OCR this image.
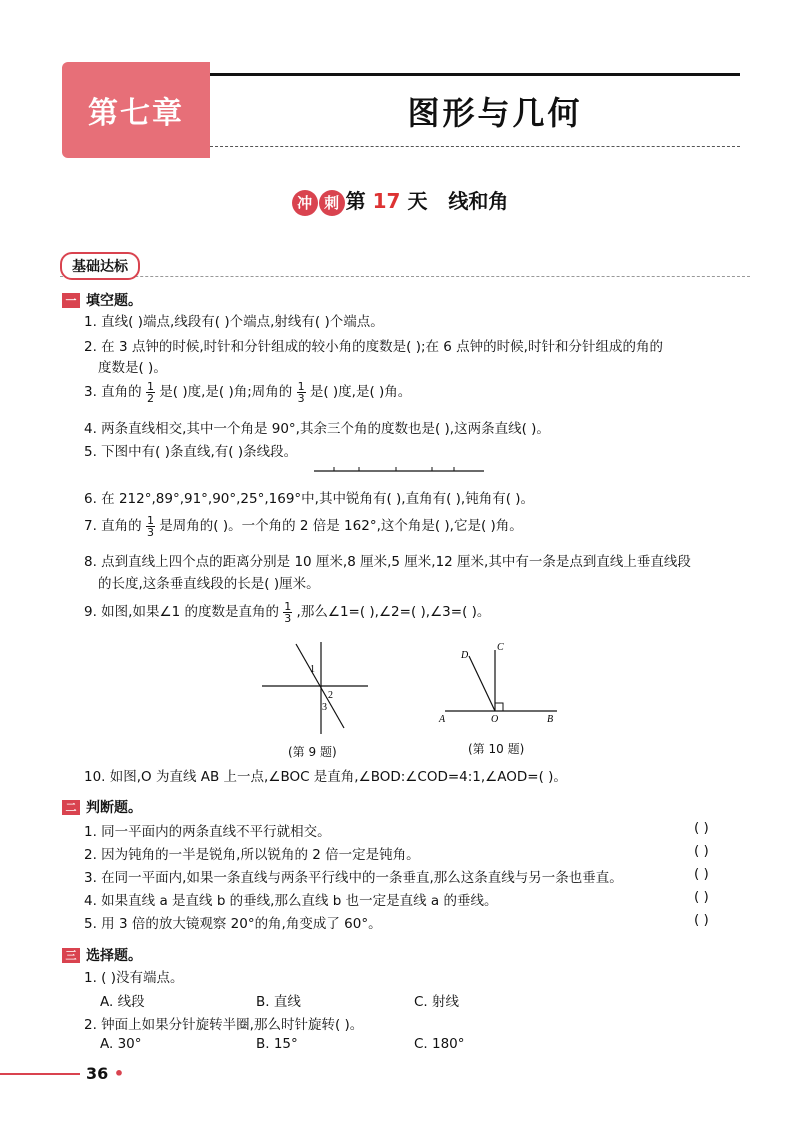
第七章	图形与几何
冲 刺 第 17 天 线和角
基础达标
一 填空题。
1. 直线( )端点,线段有( )个端点,射线有( )个端点。
2. 在 3 点钟的时候,时针和分针组成的较小角的度数是( );在 6 点钟的时候,时针和分针组成的角的
度数是( )。
3. 直角的 $\frac{1}{2}$ 是( )度,是( )角;周角的 $\frac{1}{3}$ 是( )度,是( )角。
4. 两条直线相交,其中一个角是 90°,其余三个角的度数也是( ),这两条直线( )。
5. 下图中有( )条直线,有( )条线段。
6. 在 212°,89°,91°,90°,25°,169°中,其中锐角有( ),直角有( ),钝角有( )。
7. 直角的 $\frac{1}{3}$ 是周角的( )。一个角的 2 倍是 162°,这个角是( ),它是( )角。
8. 点到直线上四个点的距离分别是 10 厘米,8 厘米,5 厘米,12 厘米,其中有一条是点到直线上垂直线段
的长度,这条垂直线段的长是( )厘米。
9. 如图,如果∠1 的度数是直角的 $\frac{1}{3}$ ,那么∠1=( ),∠2=( ),∠3=( )。
1
2
3
(第 9 题)
D
C
A	O	B
(第 10 题)
10. 如图,O 为直线 AB 上一点,∠BOC 是直角,∠BOD:∠COD=4:1,∠AOD=( )。
二 判断题。
1. 同一平面内的两条直线不平行就相交。	( )
2. 因为钝角的一半是锐角,所以锐角的 2 倍一定是钝角。	( )
3. 在同一平面内,如果一条直线与两条平行线中的一条垂直,那么这条直线与另一条也垂直。	( )
4. 如果直线 a 是直线 b 的垂线,那么直线 b 也一定是直线 a 的垂线。	( )
5. 用 3 倍的放大镜观察 20°的角,角变成了 60°。	( )
三 选择题。
1. ( )没有端点。
A. 线段	B. 直线	C. 射线
2. 钟面上如果分针旋转半圈,那么时针旋转( )。
A. 30°	B. 15°	C. 180°
36 •
